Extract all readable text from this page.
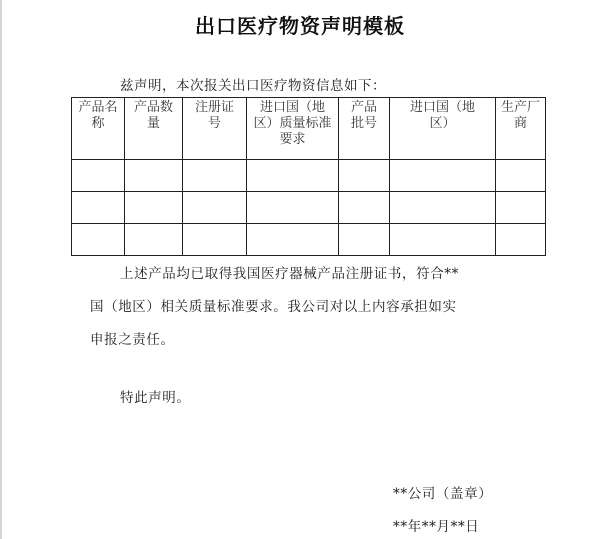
出口医疗物资声明模板
兹声明，本次报关出口医疗物资信息如下：
产品名称	产品数量	注册证号	进口国（地区）质量标准要求	产品批号	进口国（地区）	生产厂商

上述产品均已取得我国医疗器械产品注册证书，符合**
国（地区）相关质量标准要求。我公司对以上内容承担如实
申报之责任。
特此声明。
**公司（盖章）
**年**月**日
